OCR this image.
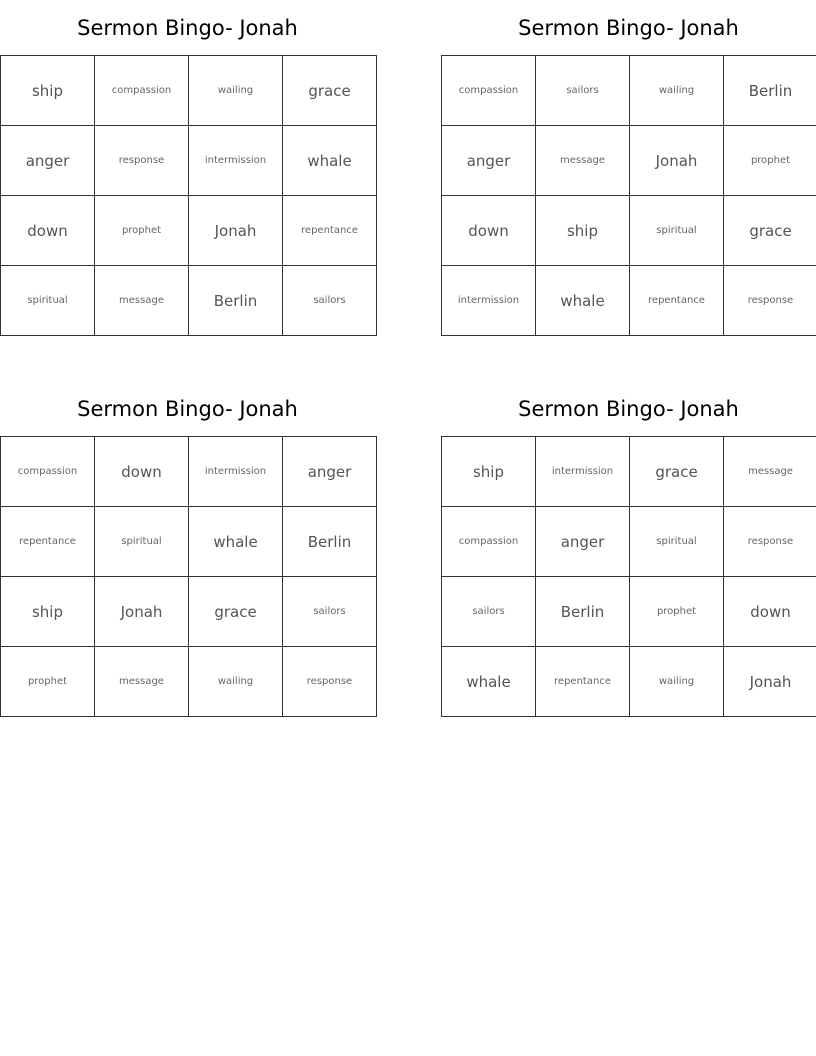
Sermon Bingo- Jonah
ship	compassion	wailing	grace
anger	response	intermission	whale
down	prophet	Jonah	repentance
spiritual	message	Berlin	sailors
Sermon Bingo- Jonah
compassion	sailors	wailing	Berlin
anger	message	Jonah	prophet
down	ship	spiritual	grace
intermission	whale	repentance	response
Sermon Bingo- Jonah
compassion	down	intermission	anger
repentance	spiritual	whale	Berlin
ship	Jonah	grace	sailors
prophet	message	wailing	response
Sermon Bingo- Jonah
ship	intermission	grace	message
compassion	anger	spiritual	response
sailors	Berlin	prophet	down
whale	repentance	wailing	Jonah
